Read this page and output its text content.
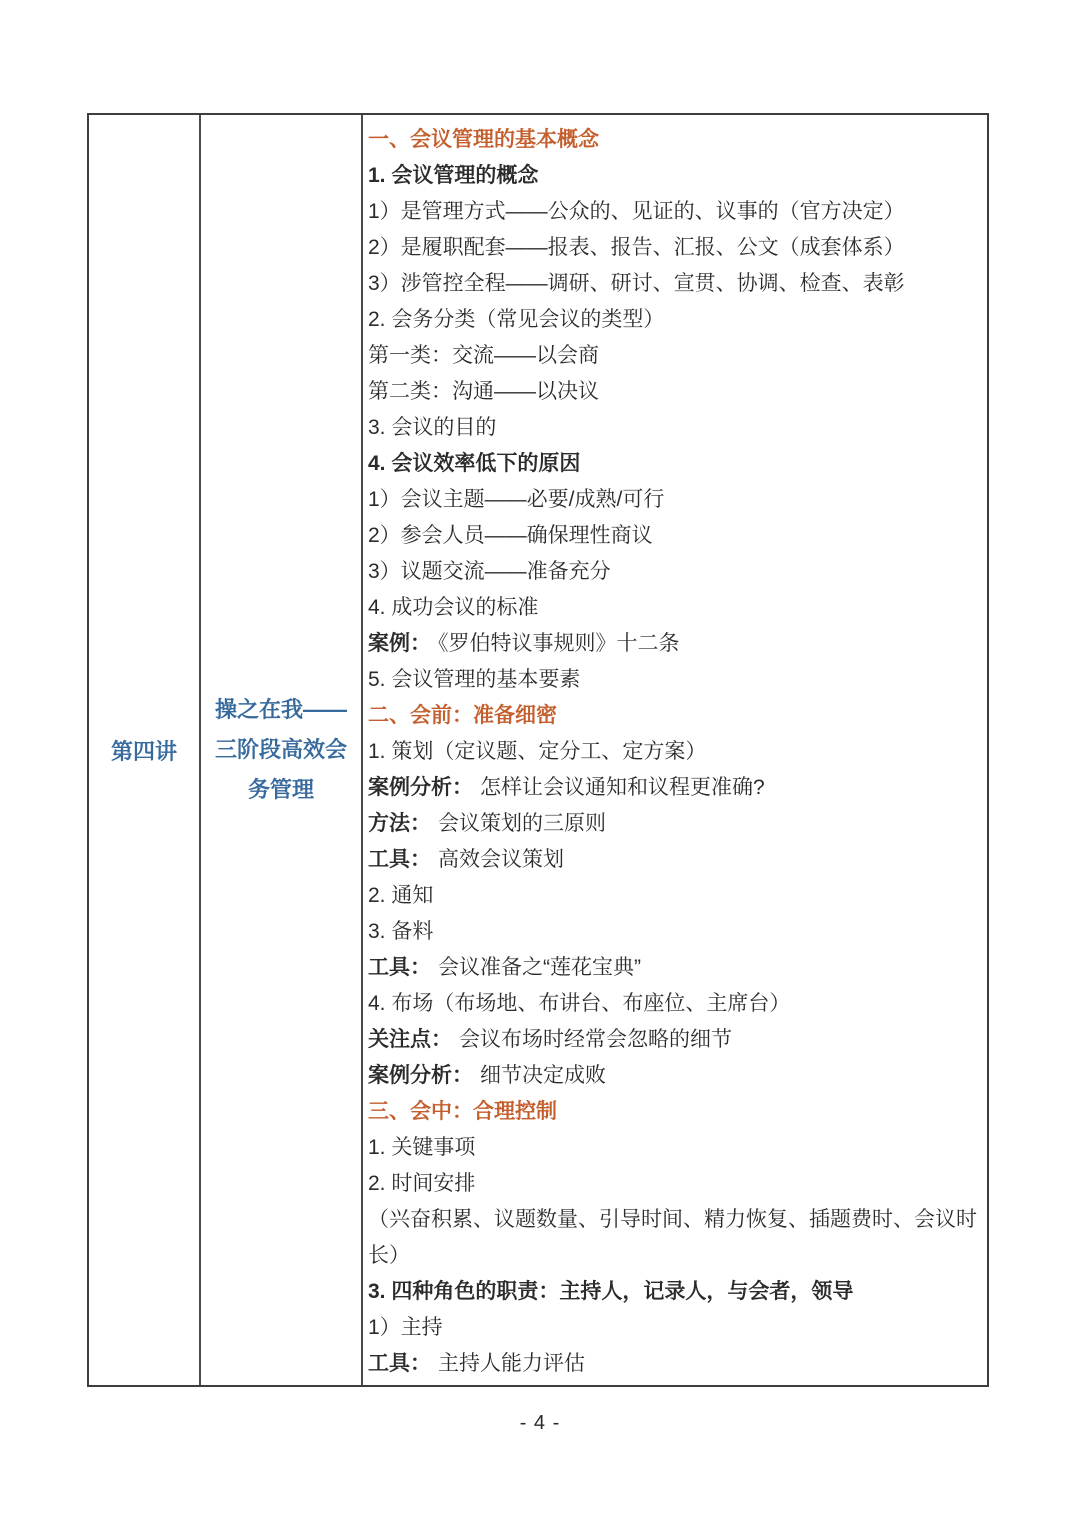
第四讲
操之在我——三阶段高效会务管理
一、会议管理的基本概念
1. 会议管理的概念
1）是管理方式——公众的、见证的、议事的（官方决定）
2）是履职配套——报表、报告、汇报、公文（成套体系）
3）涉管控全程——调研、研讨、宣贯、协调、检查、表彰
2. 会务分类（常见会议的类型）
第一类：交流——以会商
第二类：沟通——以决议
3. 会议的目的
4. 会议效率低下的原因
1）会议主题——必要/成熟/可行
2）参会人员——确保理性商议
3）议题交流——准备充分
4. 成功会议的标准
案例： 《罗伯特议事规则》十二条
5. 会议管理的基本要素
二、会前：准备细密
1. 策划（定议题、定分工、定方案）
案例分析： 怎样让会议通知和议程更准确?
方法： 会议策划的三原则
工具： 高效会议策划
2. 通知
3. 备料
工具： 会议准备之“莲花宝典”
4. 布场（布场地、布讲台、布座位、主席台）
关注点： 会议布场时经常会忽略的细节
案例分析： 细节决定成败
三、会中：合理控制
1. 关键事项
2. 时间安排
（兴奋积累、议题数量、引导时间、精力恢复、插题费时、会议时长）
3. 四种角色的职责：主持人，记录人，与会者，领导
1）主持
工具： 主持人能力评估
- 4 -
